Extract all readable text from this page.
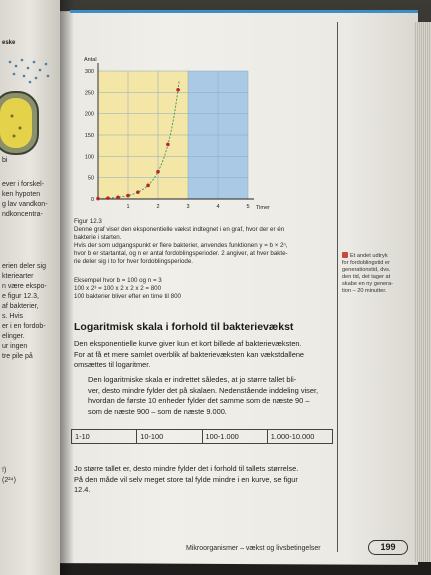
eske
bi
ever i forskel-
ken hypoten
g lav vandkon-
ndkoncentra-
erien deler sig
kteriearter
n være ekspo-
e figur 12.3,
af bakterier,
s. Hvis
er i en fordob-
elinger.
ur ingen
tre pile på
!)
(2²⁴)
0
50
100
150
200
250
300
1	2	3	4	5
Antal
Timer
Figur 12.3
Denne graf viser den eksponentielle vækst indtegnet i en graf, hvor der er én
bakterie i starten.
Hvis der som udgangspunkt er flere bakterier, anvendes funktionen y = b × 2ⁿ,
hvor b er startantal, og n er antal fordoblingsperioder. 2 angiver, at hver bakte-
rie deler sig i to for hver fordoblingsperiode.
Eksempel hvor b = 100 og n = 3
100 x 2³ = 100 x 2 x 2 x 2 = 800
100 bakterier bliver efter en time til 800
Et andet udtryk
for fordoblingstid er
generationstid, dvs.
den tid, det tager at
skabe en ny genera-
tion – 20 minutter.
Logaritmisk skala i forhold til bakterievækst
Den eksponentielle kurve giver kun et kort billede af bakterievæksten.
For at få et mere samlet overblik af bakterievæksten kan vækstdallene
omsættes til logaritmer.
Den logaritmiske skala er indrettet således, at jo større tallet bli-
ver, desto mindre fylder det på skalaen. Nedenstående inddeling viser,
hvordan de første 10 enheder fylder det samme som de næste 90 –
som de næste 900 – som de næste 9.000.
1-10	10-100	100-1.000	1.000-10.000
Jo større tallet er, desto mindre fylder det i forhold til tallets størrelse.
På den måde vil selv meget store tal fylde mindre i en kurve, se figur
12.4.
Mikroorganismer – vækst og livsbetingelser	199
